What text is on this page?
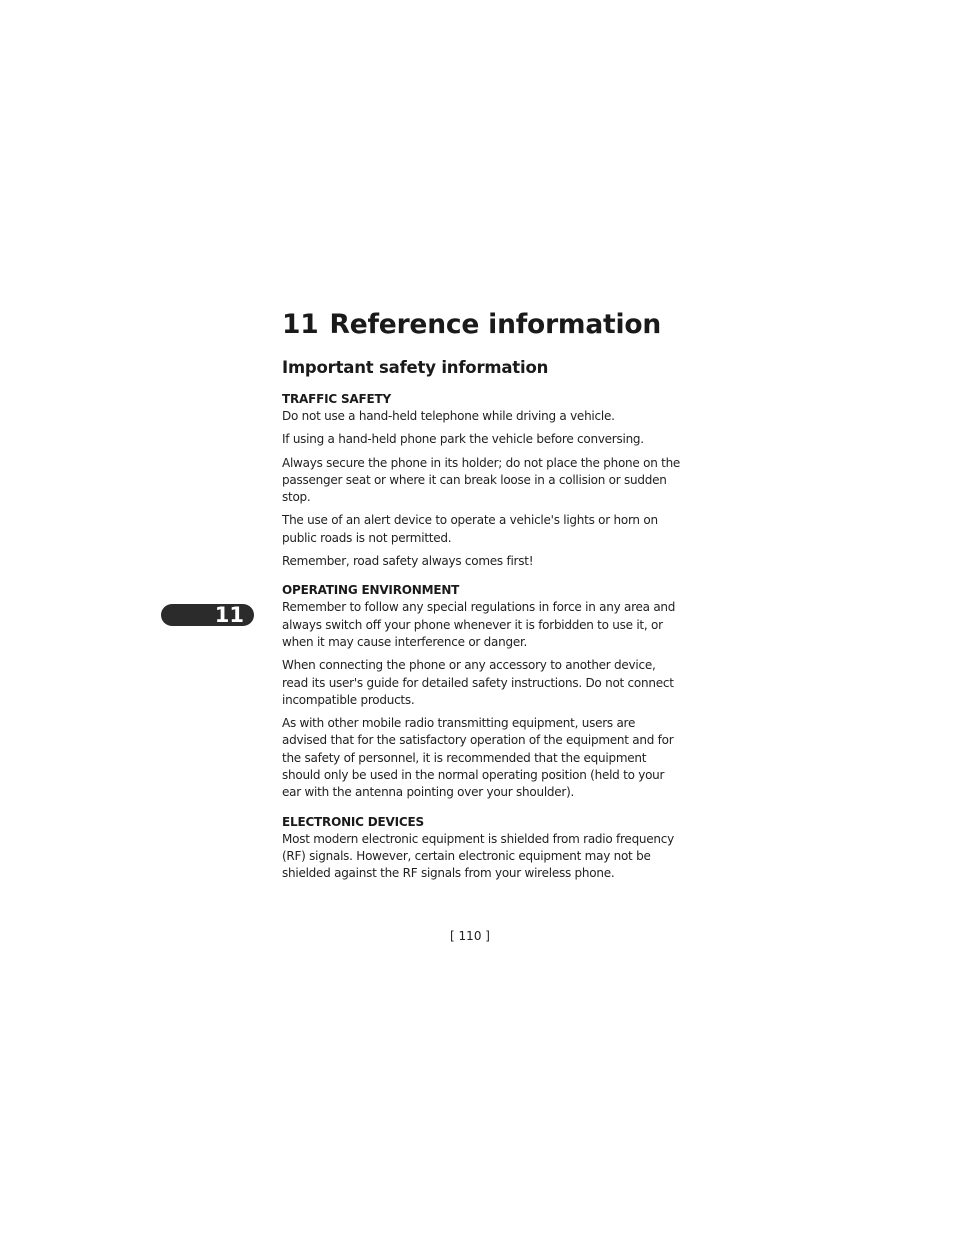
11
11 Reference information
Important safety information
TRAFFIC SAFETY

Do not use a hand-held telephone while driving a vehicle.

If using a hand-held phone park the vehicle before conversing.

Always secure the phone in its holder; do not place the phone on the passenger seat or where it can break loose in a collision or sudden stop.

The use of an alert device to operate a vehicle's lights or horn on public roads is not permitted.

Remember, road safety always comes first!

OPERATING ENVIRONMENT

Remember to follow any special regulations in force in any area and always switch off your phone whenever it is forbidden to use it, or when it may cause interference or danger.

When connecting the phone or any accessory to another device, read its user's guide for detailed safety instructions. Do not connect incompatible products.

As with other mobile radio transmitting equipment, users are advised that for the satisfactory operation of the equipment and for the safety of personnel, it is recommended that the equipment should only be used in the normal operating position (held to your ear with the antenna pointing over your shoulder).

ELECTRONIC DEVICES

Most modern electronic equipment is shielded from radio frequency (RF) signals. However, certain electronic equipment may not be shielded against the RF signals from your wireless phone.

[ 110 ]
